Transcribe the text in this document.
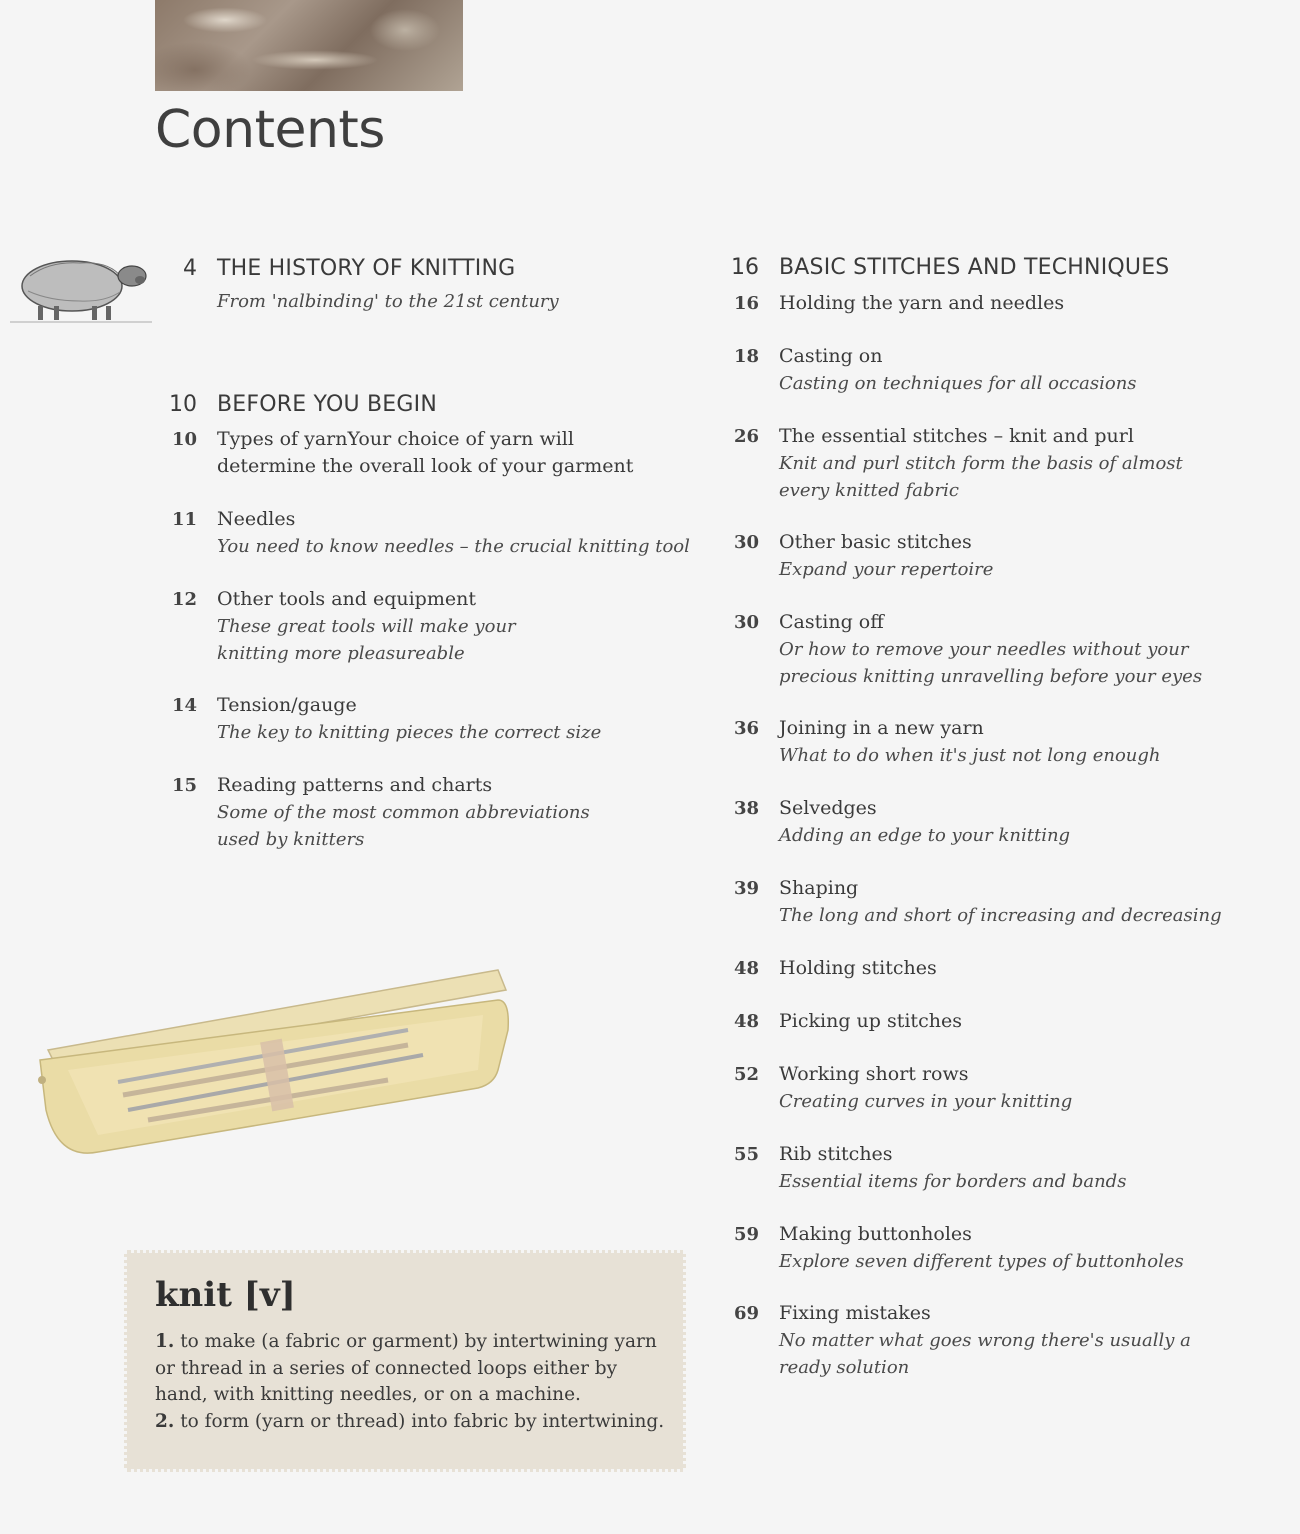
Contents
4 THE HISTORY OF KNITTING
From 'nalbinding' to the 21st century
10 BEFORE YOU BEGIN
10 Types of yarnYour choice of yarn will determine the overall look of your garment
11 Needles
You need to know needles – the crucial knitting tool
12 Other tools and equipment
These great tools will make your knitting more pleasureable
14 Tension/gauge
The key to knitting pieces the correct size
15 Reading patterns and charts
Some of the most common abbreviations used by knitters
16 BASIC STITCHES AND TECHNIQUES
16 Holding the yarn and needles
18 Casting on
Casting on techniques for all occasions
26 The essential stitches – knit and purl
Knit and purl stitch form the basis of almost every knitted fabric
30 Other basic stitches
Expand your repertoire
30 Casting off
Or how to remove your needles without your precious knitting unravelling before your eyes
36 Joining in a new yarn
What to do when it's just not long enough
38 Selvedges
Adding an edge to your knitting
39 Shaping
The long and short of increasing and decreasing
48 Holding stitches
48 Picking up stitches
52 Working short rows
Creating curves in your knitting
55 Rib stitches
Essential items for borders and bands
59 Making buttonholes
Explore seven different types of buttonholes
69 Fixing mistakes
No matter what goes wrong there's usually a ready solution
knit [v]
1. to make (a fabric or garment) by intertwining yarn or thread in a series of connected loops either by hand, with knitting needles, or on a machine.
2. to form (yarn or thread) into fabric by intertwining.
